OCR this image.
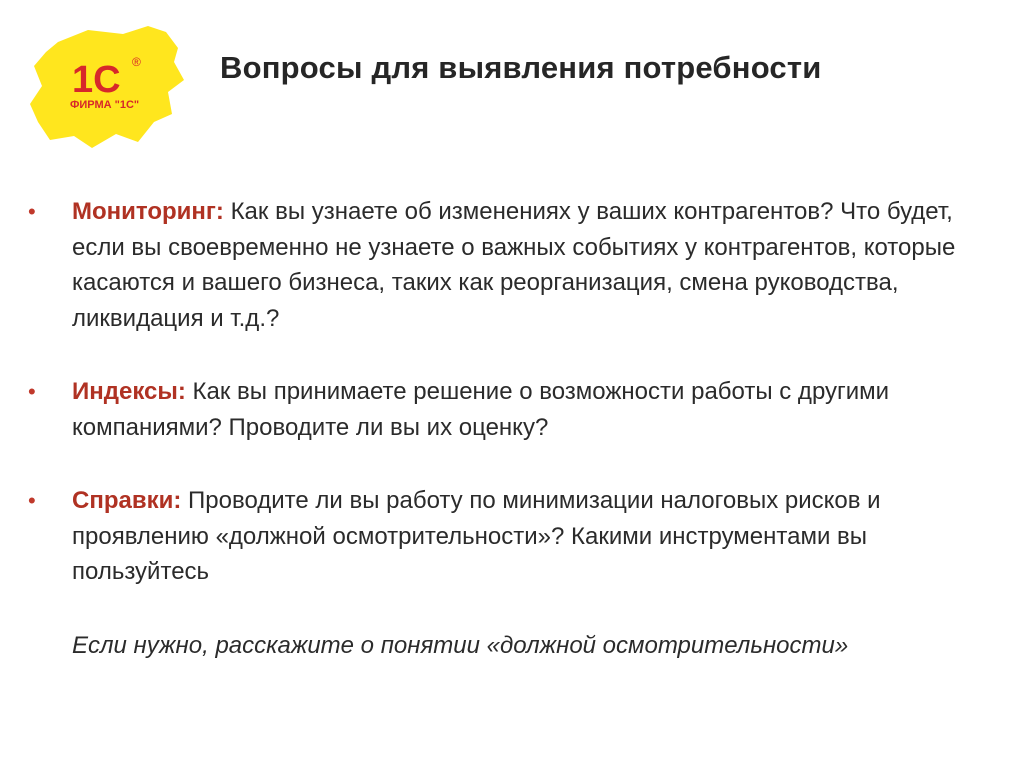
1С ®
ФИРМА "1С"
Вопросы для выявления потребности
• Мониторинг: Как вы узнаете об изменениях у ваших контрагентов? Что будет, если вы своевременно не узнаете о важных событиях у контрагентов, которые касаются и вашего бизнеса, таких как реорганизация, смена руководства, ликвидация и т.д.?
• Индексы: Как вы принимаете решение о возможности работы с другими компаниями? Проводите ли вы их оценку?
• Справки: Проводите ли вы работу по минимизации налоговых рисков и проявлению «должной осмотрительности»? Какими инструментами вы пользуйтесь
Если нужно, расскажите о понятии «должной осмотрительности»
